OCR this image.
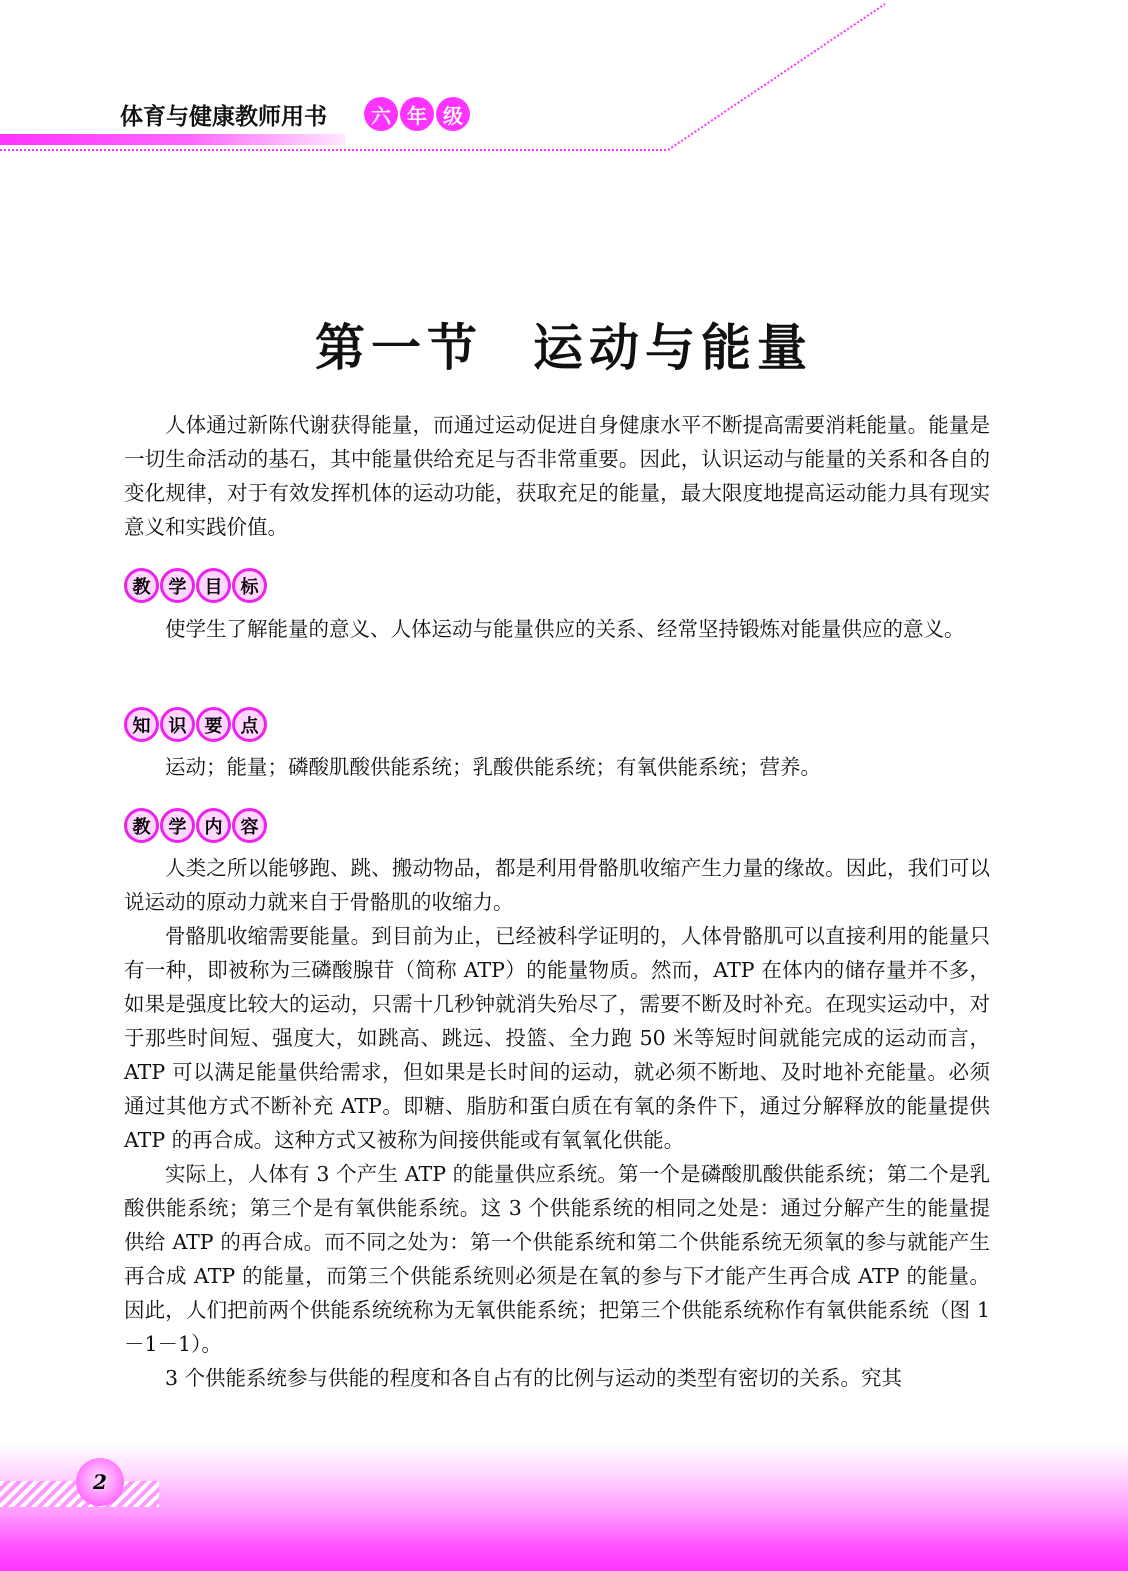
体育与健康教师用书	六 年 级
第一节 运动与能量

人体通过新陈代谢获得能量，而通过运动促进自身健康水平不断提高需要消耗能量。能量是一切生命活动的基石，其中能量供给充足与否非常重要。因此，认识运动与能量的关系和各自的变化规律，对于有效发挥机体的运动功能，获取充足的能量，最大限度地提高运动能力具有现实意义和实践价值。

教	学	目	标

使学生了解能量的意义、人体运动与能量供应的关系、经常坚持锻炼对能量供应的意义。

知	识	要	点

运动；能量；磷酸肌酸供能系统；乳酸供能系统；有氧供能系统；营养。

教	学	内	容

人类之所以能够跑、跳、搬动物品，都是利用骨骼肌收缩产生力量的缘故。因此，我们可以说运动的原动力就来自于骨骼肌的收缩力。

骨骼肌收缩需要能量。到目前为止，已经被科学证明的，人体骨骼肌可以直接利用的能量只有一种，即被称为三磷酸腺苷（简称 ATP）的能量物质。然而，ATP 在体内的储存量并不多，如果是强度比较大的运动，只需十几秒钟就消失殆尽了，需要不断及时补充。在现实运动中，对于那些时间短、强度大，如跳高、跳远、投篮、全力跑 50 米等短时间就能完成的运动而言，ATP 可以满足能量供给需求，但如果是长时间的运动，就必须不断地、及时地补充能量。必须通过其他方式不断补充 ATP。即糖、脂肪和蛋白质在有氧的条件下，通过分解释放的能量提供 ATP 的再合成。这种方式又被称为间接供能或有氧氧化供能。

实际上，人体有 3 个产生 ATP 的能量供应系统。第一个是磷酸肌酸供能系统；第二个是乳酸供能系统；第三个是有氧供能系统。这 3 个供能系统的相同之处是：通过分解产生的能量提供给 ATP 的再合成。而不同之处为：第一个供能系统和第二个供能系统无须氧的参与就能产生再合成 ATP 的能量，而第三个供能系统则必须是在氧的参与下才能产生再合成 ATP 的能量。因此，人们把前两个供能系统统称为无氧供能系统；把第三个供能系统称作有氧供能系统（图 1－1－1）。

3 个供能系统参与供能的程度和各自占有的比例与运动的类型有密切的关系。究其

2
